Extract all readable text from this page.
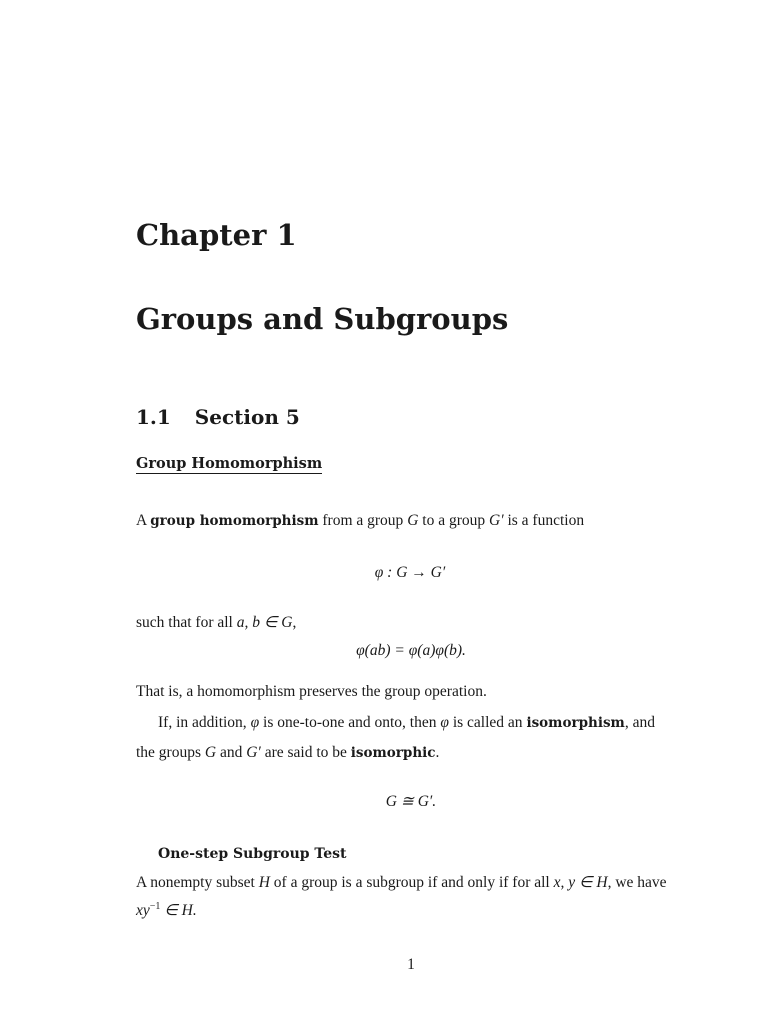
Chapter 1
Groups and Subgroups
1.1 Section 5
Group Homomorphism
A group homomorphism from a group G to a group G′ is a function
φ : G → G′
such that for all a, b ∈ G,
φ(ab) = φ(a)φ(b).
That is, a homomorphism preserves the group operation.
If, in addition, φ is one-to-one and onto, then φ is called an isomorphism, and
the groups G and G′ are said to be isomorphic.
G ≅ G′.
One-step Subgroup Test
A nonempty subset H of a group is a subgroup if and only if for all x, y ∈ H, we have
$xy^{-1}$ ∈ H.
1
